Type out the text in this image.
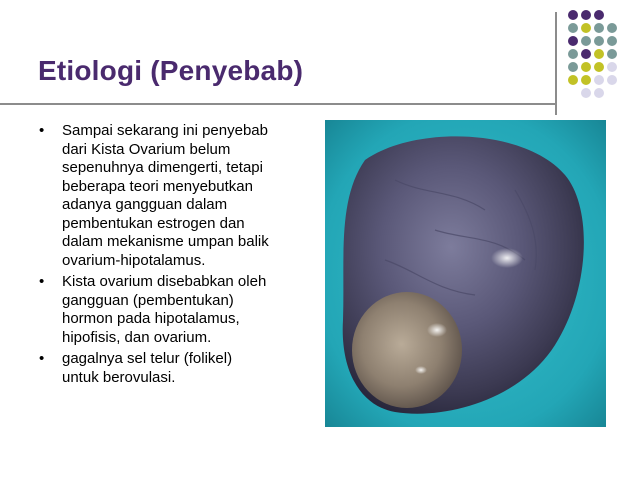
Etiologi (Penyebab)
• Sampai sekarang ini penyebab
dari Kista Ovarium belum
sepenuhnya dimengerti, tetapi
beberapa teori menyebutkan
adanya gangguan dalam
pembentukan estrogen dan
dalam mekanisme umpan balik
ovarium-hipotalamus.
• Kista ovarium disebabkan oleh
gangguan (pembentukan)
hormon pada hipotalamus,
hipofisis, dan ovarium.
• gagalnya sel telur (folikel)
untuk berovulasi.
